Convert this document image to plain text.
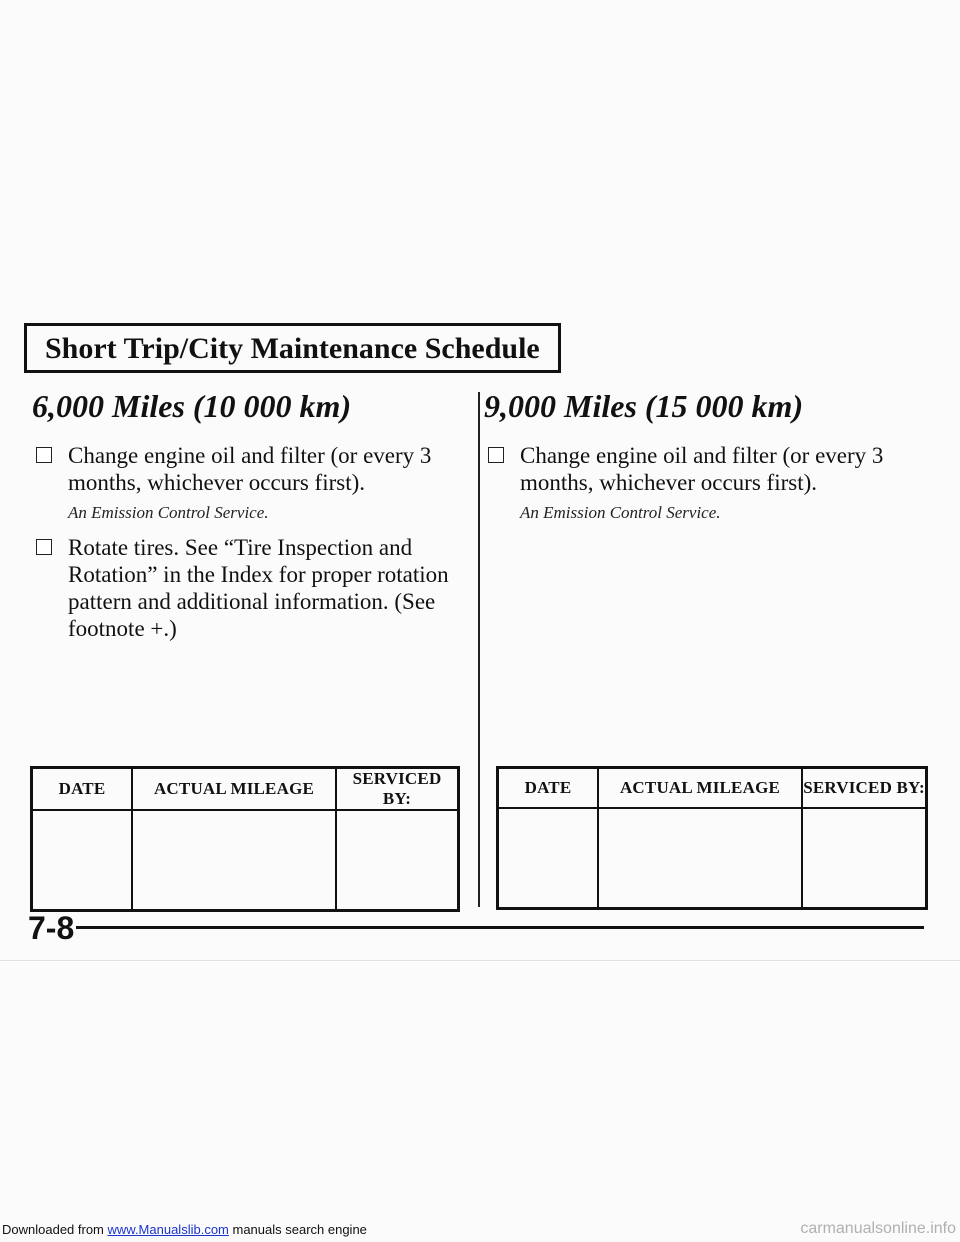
Short Trip/City Maintenance Schedule
6,000 Miles (10 000 km)
Change engine oil and filter (or every 3 months, whichever occurs first).
An Emission Control Service.
Rotate tires. See “Tire Inspection and Rotation” in the Index for proper rotation pattern and additional information. (See footnote +.)
9,000 Miles (15 000 km)
Change engine oil and filter (or every 3 months, whichever occurs first).
An Emission Control Service.
DATE	ACTUAL MILEAGE	SERVICED BY:

DATE	ACTUAL MILEAGE	SERVICED BY:

7-8
Downloaded from www.Manualslib.com manuals search engine	carmanualsonline.info
